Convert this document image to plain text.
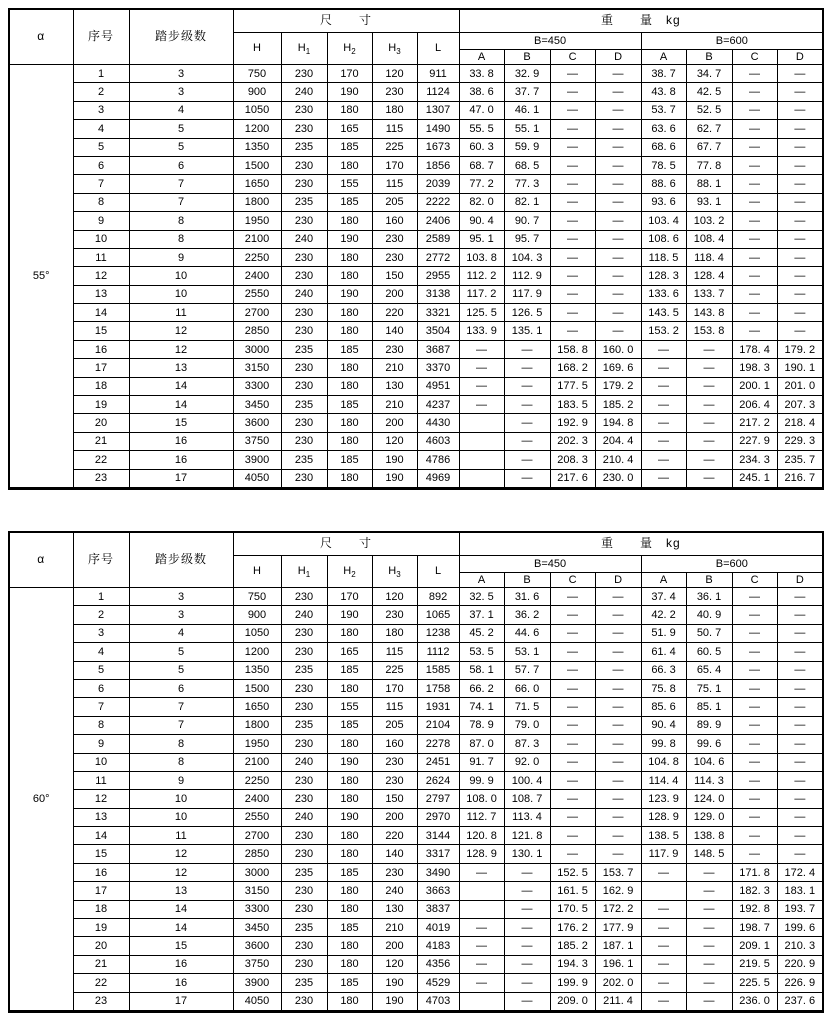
α	序号	踏步级数	尺　　寸					重　　量　kg							
			H	$H_1$	$H_2$	$H_3$	L	B=450				B=600			
								A	B	C	D	A	B	C	D
55°	1	3	750	230	170	120	911	33. 8	32. 9	—	—	38. 7	34. 7	—	—
	2	3	900	240	190	230	1124	38. 6	37. 7	—	—	43. 8	42. 5	—	—
	3	4	1050	230	180	180	1307	47. 0	46. 1	—	—	53. 7	52. 5	—	—
	4	5	1200	230	165	115	1490	55. 5	55. 1	—	—	63. 6	62. 7	—	—
	5	5	1350	235	185	225	1673	60. 3	59. 9	—	—	68. 6	67. 7	—	—
	6	6	1500	230	180	170	1856	68. 7	68. 5	—	—	78. 5	77. 8	—	—
	7	7	1650	230	155	115	2039	77. 2	77. 3	—	—	88. 6	88. 1	—	—
	8	7	1800	235	185	205	2222	82. 0	82. 1	—	—	93. 6	93. 1	—	—
	9	8	1950	230	180	160	2406	90. 4	90. 7	—	—	103. 4	103. 2	—	—
	10	8	2100	240	190	230	2589	95. 1	95. 7	—	—	108. 6	108. 4	—	—
	11	9	2250	230	180	230	2772	103. 8	104. 3	—	—	118. 5	118. 4	—	—
	12	10	2400	230	180	150	2955	112. 2	112. 9	—	—	128. 3	128. 4	—	—
	13	10	2550	240	190	200	3138	117. 2	117. 9	—	—	133. 6	133. 7	—	—
	14	11	2700	230	180	220	3321	125. 5	126. 5	—	—	143. 5	143. 8	—	—
	15	12	2850	230	180	140	3504	133. 9	135. 1	—	—	153. 2	153. 8	—	—
	16	12	3000	235	185	230	3687	—	—	158. 8	160. 0	—	—	178. 4	179. 2
	17	13	3150	230	180	210	3370	—	—	168. 2	169. 6	—	—	198. 3	190. 1
	18	14	3300	230	180	130	4951	—	—	177. 5	179. 2	—	—	200. 1	201. 0
	19	14	3450	235	185	210	4237	—	—	183. 5	185. 2	—	—	206. 4	207. 3
	20	15	3600	230	180	200	4430		—	192. 9	194. 8	—	—	217. 2	218. 4
	21	16	3750	230	180	120	4603		—	202. 3	204. 4	—	—	227. 9	229. 3
	22	16	3900	235	185	190	4786		—	208. 3	210. 4	—	—	234. 3	235. 7
	23	17	4050	230	180	190	4969		—	217. 6	230. 0	—	—	245. 1	216. 7
α	序号	踏步级数	尺　　寸					重　　量　kg							
			H	$H_1$	$H_2$	$H_3$	L	B=450				B=600			
								A	B	C	D	A	B	C	D
60°	1	3	750	230	170	120	892	32. 5	31. 6	—	—	37. 4	36. 1	—	—
	2	3	900	240	190	230	1065	37. 1	36. 2	—	—	42. 2	40. 9	—	—
	3	4	1050	230	180	180	1238	45. 2	44. 6	—	—	51. 9	50. 7	—	—
	4	5	1200	230	165	115	1112	53. 5	53. 1	—	—	61. 4	60. 5	—	—
	5	5	1350	235	185	225	1585	58. 1	57. 7	—	—	66. 3	65. 4	—	—
	6	6	1500	230	180	170	1758	66. 2	66. 0	—	—	75. 8	75. 1	—	—
	7	7	1650	230	155	115	1931	74. 1	71. 5	—	—	85. 6	85. 1	—	—
	8	7	1800	235	185	205	2104	78. 9	79. 0	—	—	90. 4	89. 9	—	—
	9	8	1950	230	180	160	2278	87. 0	87. 3	—	—	99. 8	99. 6	—	—
	10	8	2100	240	190	230	2451	91. 7	92. 0	—	—	104. 8	104. 6	—	—
	11	9	2250	230	180	230	2624	99. 9	100. 4	—	—	114. 4	114. 3	—	—
	12	10	2400	230	180	150	2797	108. 0	108. 7	—	—	123. 9	124. 0	—	—
	13	10	2550	240	190	200	2970	112. 7	113. 4	—	—	128. 9	129. 0	—	—
	14	11	2700	230	180	220	3144	120. 8	121. 8	—	—	138. 5	138. 8	—	—
	15	12	2850	230	180	140	3317	128. 9	130. 1	—	—	117. 9	148. 5	—	—
	16	12	3000	235	185	230	3490	—	—	152. 5	153. 7	—	—	171. 8	172. 4
	17	13	3150	230	180	240	3663		—	161. 5	162. 9		—	182. 3	183. 1
	18	14	3300	230	180	130	3837		—	170. 5	172. 2	—	—	192. 8	193. 7
	19	14	3450	235	185	210	4019	—	—	176. 2	177. 9	—	—	198. 7	199. 6
	20	15	3600	230	180	200	4183	—	—	185. 2	187. 1	—	—	209. 1	210. 3
	21	16	3750	230	180	120	4356	—	—	194. 3	196. 1	—	—	219. 5	220. 9
	22	16	3900	235	185	190	4529	—	—	199. 9	202. 0	—	—	225. 5	226. 9
	23	17	4050	230	180	190	4703		—	209. 0	211. 4	—	—	236. 0	237. 6
